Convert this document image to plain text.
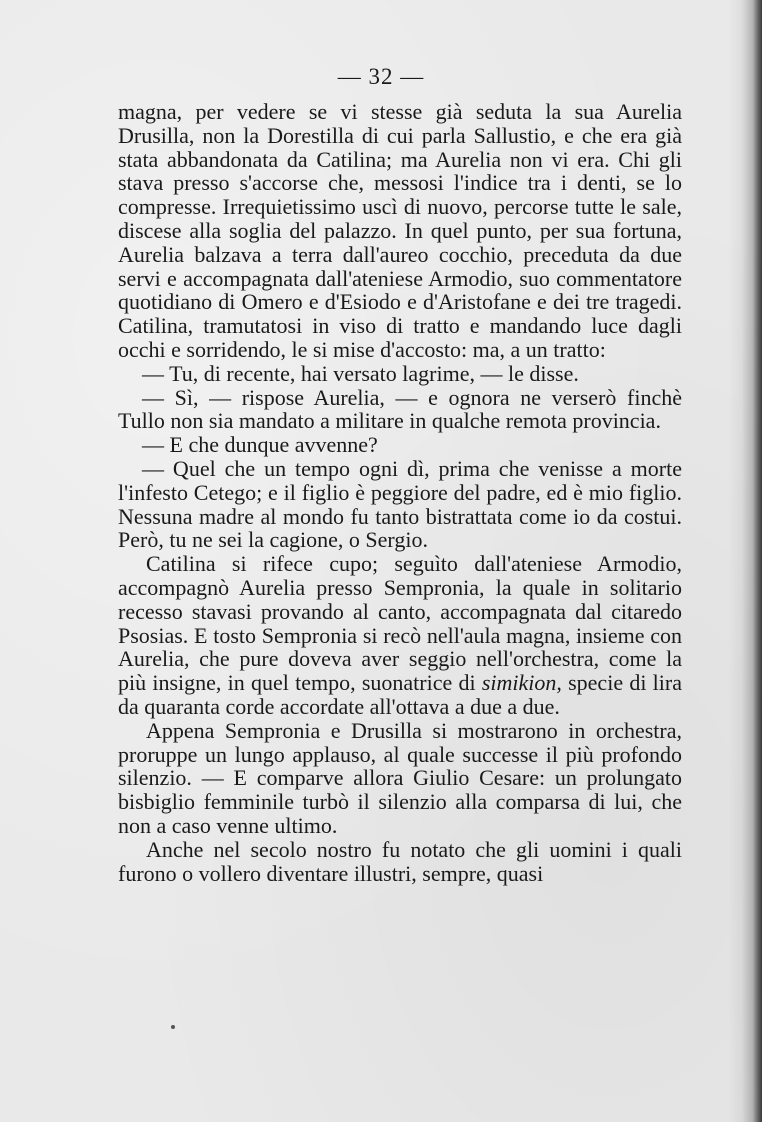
— 32 —

magna, per vedere se vi stesse già seduta la sua Aurelia Drusilla, non la Dorestilla di cui parla Sallustio, e che era già stata abbandonata da Catilina; ma Aurelia non vi era. Chi gli stava presso s'accorse che, messosi l'indice tra i denti, se lo compresse. Irrequietissimo uscì di nuovo, percorse tutte le sale, discese alla soglia del palazzo. In quel punto, per sua fortuna, Aurelia balzava a terra dall'aureo cocchio, preceduta da due servi e accompagnata dall'ateniese Armodio, suo commentatore quotidiano di Omero e d'Esiodo e d'Aristofane e dei tre tragedi. Catilina, tramutatosi in viso di tratto e mandando luce dagli occhi e sorridendo, le si mise d'accosto: ma, a un tratto:

— Tu, di recente, hai versato lagrime, — le disse.

— Sì, — rispose Aurelia, — e ognora ne verserò finchè Tullo non sia mandato a militare in qualche remota provincia.

— E che dunque avvenne?

— Quel che un tempo ogni dì, prima che venisse a morte l'infesto Cetego; e il figlio è peggiore del padre, ed è mio figlio. Nessuna madre al mondo fu tanto bistrattata come io da costui. Però, tu ne sei la cagione, o Sergio.

Catilina si rifece cupo; seguìto dall'ateniese Armodio, accompagnò Aurelia presso Sempronia, la quale in solitario recesso stavasi provando al canto, accompagnata dal citaredo Psosias. E tosto Sempronia si recò nell'aula magna, insieme con Aurelia, che pure doveva aver seggio nell'orchestra, come la più insigne, in quel tempo, suonatrice di simikion, specie di lira da quaranta corde accordate all'ottava a due a due.

Appena Sempronia e Drusilla si mostrarono in orchestra, proruppe un lungo applauso, al quale successe il più profondo silenzio. — E comparve allora Giulio Cesare: un prolungato bisbiglio femminile turbò il silenzio alla comparsa di lui, che non a caso venne ultimo.

Anche nel secolo nostro fu notato che gli uomini i quali furono o vollero diventare illustri, sempre, quasi
